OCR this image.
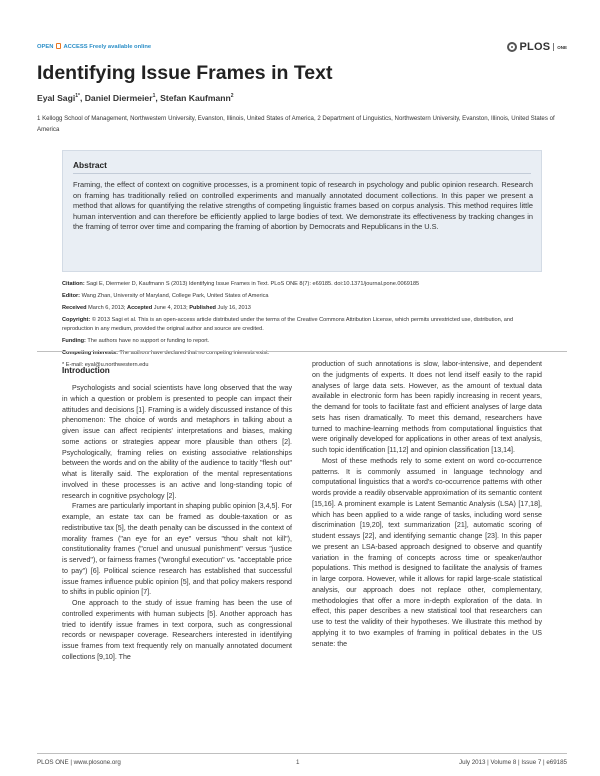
OPEN  ACCESS Freely available online	PLOS ONE
Identifying Issue Frames in Text
Eyal Sagi$^{1*}$, Daniel Diermeier$^1$, Stefan Kaufmann$^2$
1 Kellogg School of Management, Northwestern University, Evanston, Illinois, United States of America, 2 Department of Linguistics, Northwestern University, Evanston, Illinois, United States of America
Abstract

Framing, the effect of context on cognitive processes, is a prominent topic of research in psychology and public opinion research. Research on framing has traditionally relied on controlled experiments and manually annotated document collections. In this paper we present a method that allows for quantifying the relative strengths of competing linguistic frames based on corpus analysis. This method requires little human intervention and can therefore be efficiently applied to large bodies of text. We demonstrate its effectiveness by tracking changes in the framing of terror over time and comparing the framing of abortion by Democrats and Republicans in the U.S.

Citation: Sagi E, Diermeier D, Kaufmann S (2013) Identifying Issue Frames in Text. PLoS ONE 8(7): e69185. doi:10.1371/journal.pone.0069185

Editor: Wang Zhan, University of Maryland, College Park, United States of America

Received March 6, 2013; Accepted June 4, 2013; Published July 16, 2013

Copyright: © 2013 Sagi et al. This is an open-access article distributed under the terms of the Creative Commons Attribution License, which permits unrestricted use, distribution, and reproduction in any medium, provided the original author and source are credited.

Funding: The authors have no support or funding to report.

Competing interests: The authors have declared that no competing interests exist.

* E-mail: eyal@u.northwestern.edu

Introduction

Psychologists and social scientists have long observed that the way in which a question or problem is presented to people can impact their attitudes and decisions [1]. Framing is a widely discussed instance of this phenomenon: The choice of words and metaphors in talking about a given issue can affect recipients' interpretations and biases, making some actions or strategies appear more plausible than others [2]. Psychologically, framing relies on existing associative relationships between the words and on the ability of the audience to tacitly "flesh out" what is literally said. The exploration of the mental representations involved in these processes is an active and long-standing topic of research in cognitive psychology [2].

Frames are particularly important in shaping public opinion [3,4,5]. For example, an estate tax can be framed as double-taxation or as redistributive tax [5], the death penalty can be discussed in the context of morality frames ("an eye for an eye" versus "thou shalt not kill"), constitutionality frames ("cruel and unusual punishment" versus "justice is served"), or fairness frames ("wrongful execution" vs. "acceptable price to pay") [6]. Political science research has established that successful issue frames influence public opinion [5], and that policy makers respond to shifts in public opinion [7].

One approach to the study of issue framing has been the use of controlled experiments with human subjects [5]. Another approach has tried to identify issue frames in text corpora, such as congressional records or newspaper coverage. Researchers interested in identifying issue frames from text frequently rely on manually annotated document collections [9,10]. The

production of such annotations is slow, labor-intensive, and dependent on the judgments of experts. It does not lend itself easily to the rapid analyses of large data sets. However, as the amount of textual data available in electronic form has been rapidly increasing in recent years, the demand for tools to facilitate fast and efficient analyses of large data sets has risen dramatically. To meet this demand, researchers have turned to machine-learning methods from computational linguistics that were originally developed for applications in other areas of text analysis, such topic identification [11,12] and opinion classification [13,14].

Most of these methods rely to some extent on word co-occurrence patterns. It is commonly assumed in language technology and computational linguistics that a word's co-occurrence patterns with other words provide a readily observable approximation of its semantic content [15,16]. A prominent example is Latent Semantic Analysis (LSA) [17,18], which has been applied to a wide range of tasks, including word sense discrimination [19,20], text summarization [21], automatic scoring of student essays [22], and identifying semantic change [23]. In this paper we present an LSA-based approach designed to observe and quantify variation in the framing of concepts across time or speaker/author populations. This method is designed to facilitate the analysis of frames in large corpora. However, while it allows for rapid large-scale statistical analysis, our approach does not replace other, complementary, methodologies that offer a more in-depth exploration of the data. In effect, this paper describes a new statistical tool that researchers can use to test the validity of their hypotheses. We illustrate this method by applying it to two examples of framing in political debates in the US senate: the

PLOS ONE | www.plosone.org	1	July 2013 | Volume 8 | Issue 7 | e69185
